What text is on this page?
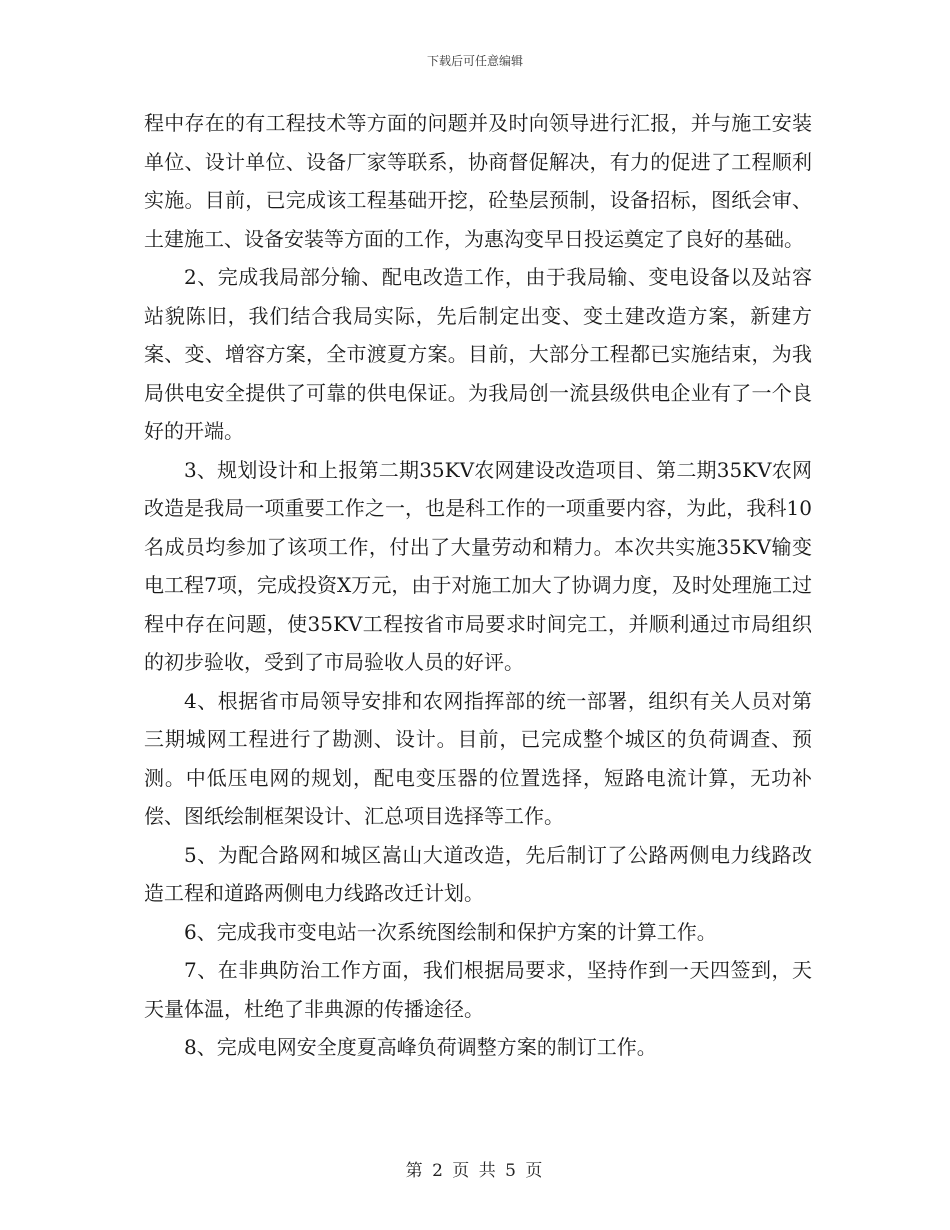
下载后可任意编辑

程中存在的有工程技术等方面的问题并及时向领导进行汇报，并与施工安装单位、设计单位、设备厂家等联系，协商督促解决，有力的促进了工程顺利实施。目前，已完成该工程基础开挖，砼垫层预制，设备招标，图纸会审、土建施工、设备安装等方面的工作，为惠沟变早日投运奠定了良好的基础。

2、完成我局部分输、配电改造工作，由于我局输、变电设备以及站容站貌陈旧，我们结合我局实际，先后制定出变、变土建改造方案，新建方案、变、增容方案，全市渡夏方案。目前，大部分工程都已实施结束，为我局供电安全提供了可靠的供电保证。为我局创一流县级供电企业有了一个良好的开端。

3、规划设计和上报第二期35KV农网建设改造项目、第二期35KV农网改造是我局一项重要工作之一，也是科工作的一项重要内容，为此，我科10名成员均参加了该项工作，付出了大量劳动和精力。本次共实施35KV输变电工程7项，完成投资X万元，由于对施工加大了协调力度，及时处理施工过程中存在问题，使35KV工程按省市局要求时间完工，并顺利通过市局组织的初步验收，受到了市局验收人员的好评。

4、根据省市局领导安排和农网指挥部的统一部署，组织有关人员对第三期城网工程进行了勘测、设计。目前，已完成整个城区的负荷调查、预测。中低压电网的规划，配电变压器的位置选择，短路电流计算，无功补偿、图纸绘制框架设计、汇总项目选择等工作。

5、为配合路网和城区嵩山大道改造，先后制订了公路两侧电力线路改造工程和道路两侧电力线路改迁计划。

6、完成我市变电站一次系统图绘制和保护方案的计算工作。

7、在非典防治工作方面，我们根据局要求，坚持作到一天四签到，天天量体温，杜绝了非典源的传播途径。

8、完成电网安全度夏高峰负荷调整方案的制订工作。

第 2 页 共 5 页
